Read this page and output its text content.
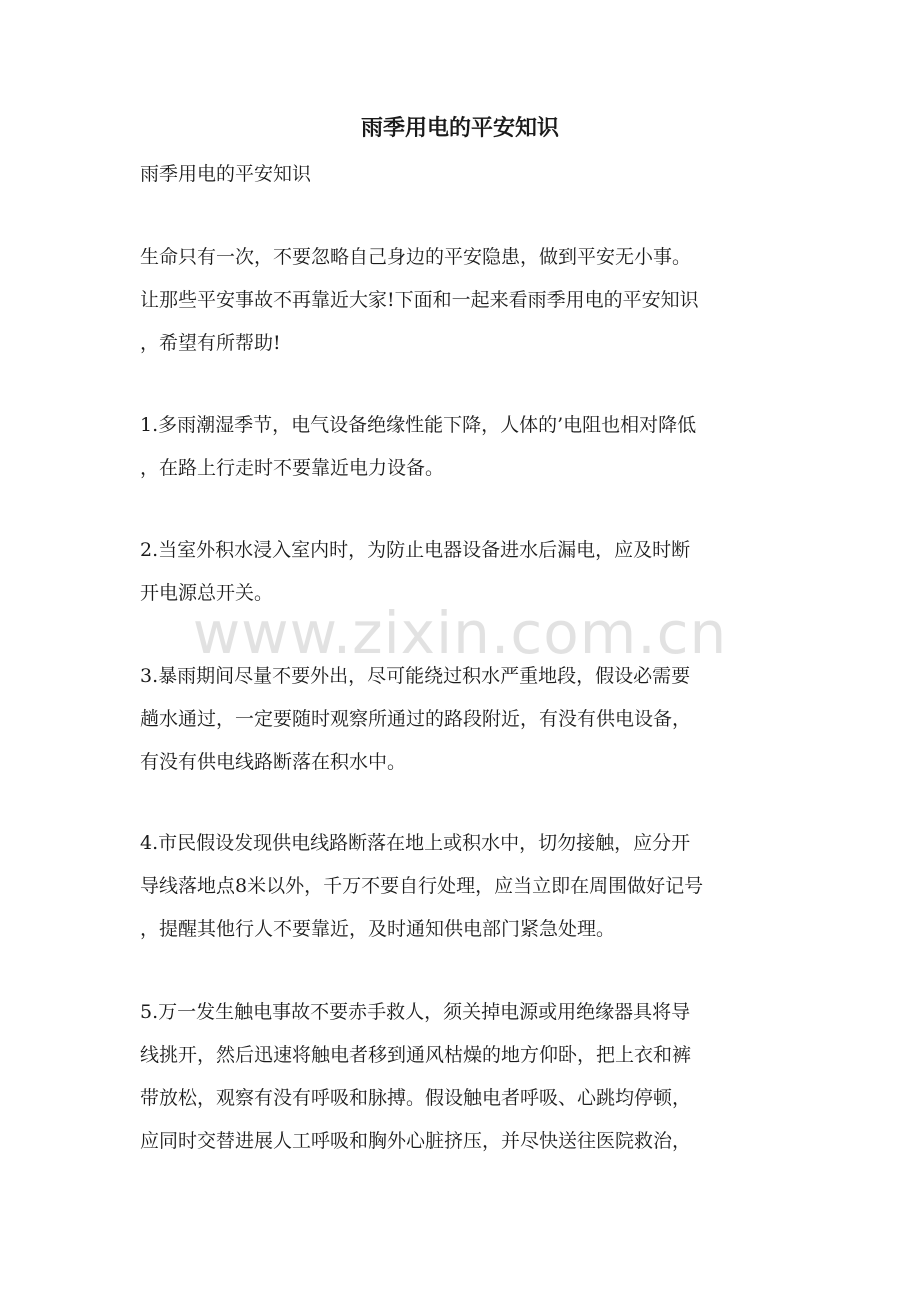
雨季用电的平安知识

雨季用电的平安知识

生命只有一次，不要忽略自己身边的平安隐患，做到平安无小事。
让那些平安事故不再靠近大家!下面和一起来看雨季用电的平安知识
，希望有所帮助!
1.多雨潮湿季节，电气设备绝缘性能下降，人体的’电阻也相对降低
，在路上行走时不要靠近电力设备。
2.当室外积水浸入室内时，为防止电器设备进水后漏电，应及时断
开电源总开关。
3.暴雨期间尽量不要外出，尽可能绕过积水严重地段，假设必需要
趟水通过，一定要随时观察所通过的路段附近，有没有供电设备，
有没有供电线路断落在积水中。
4.市民假设发现供电线路断落在地上或积水中，切勿接触，应分开
导线落地点8米以外，千万不要自行处理，应当立即在周围做好记号
，提醒其他行人不要靠近，及时通知供电部门紧急处理。
5.万一发生触电事故不要赤手救人，须关掉电源或用绝缘器具将导
线挑开，然后迅速将触电者移到通风枯燥的地方仰卧，把上衣和裤
带放松，观察有没有呼吸和脉搏。假设触电者呼吸、心跳均停顿，
应同时交替进展人工呼吸和胸外心脏挤压，并尽快送往医院救治，
www.zixin.com.cn
